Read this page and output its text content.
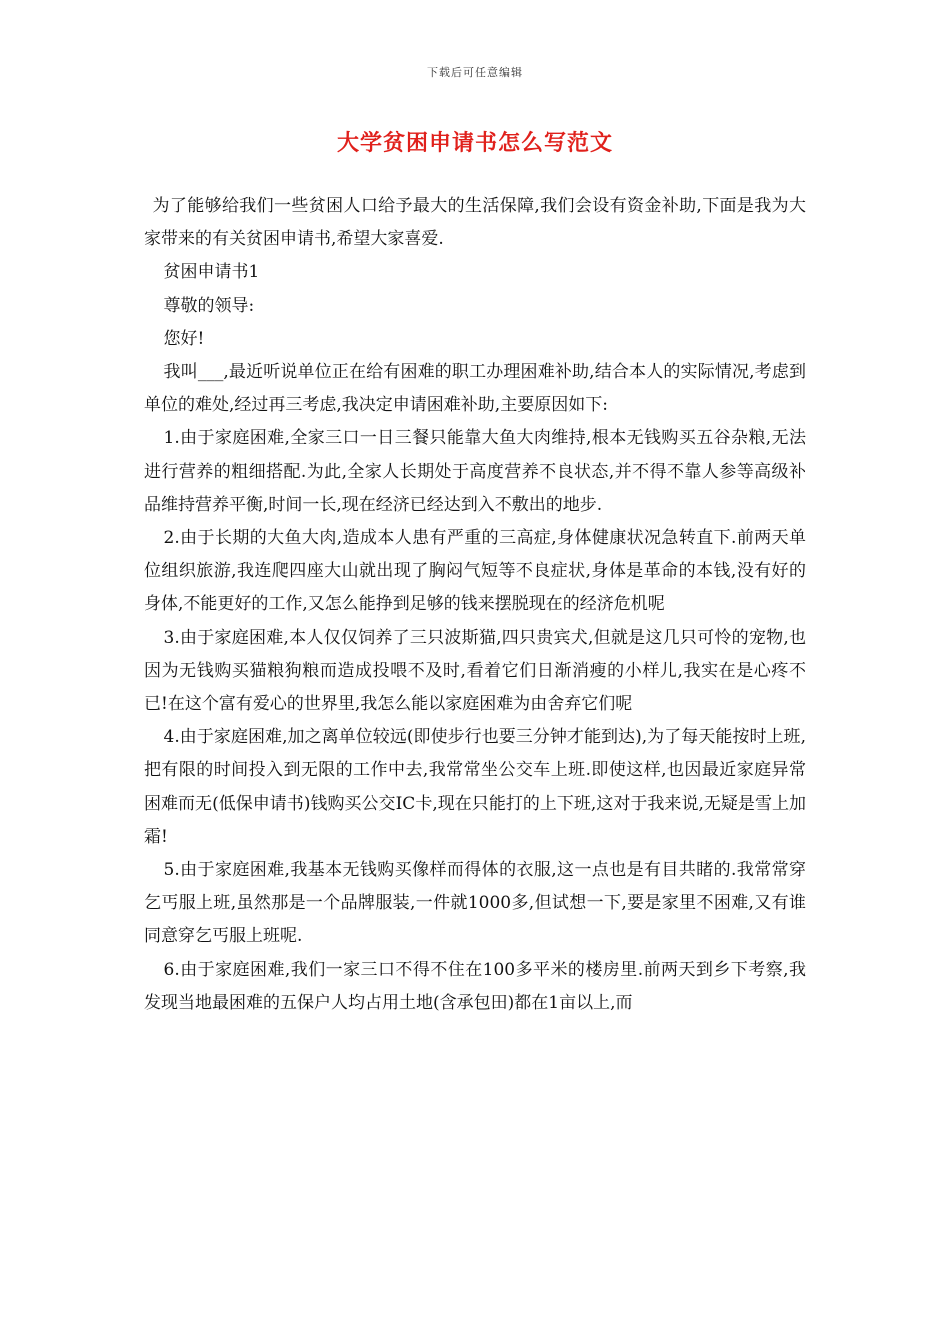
下载后可任意编辑
大学贫困申请书怎么写范文

为了能够给我们一些贫困人口给予最大的生活保障,我们会设有资金补助,下面是我为大家带来的有关贫困申请书,希望大家喜爱.

贫困申请书1

尊敬的领导:

您好!

我叫___,最近听说单位正在给有困难的职工办理困难补助,结合本人的实际情况,考虑到单位的难处,经过再三考虑,我决定申请困难补助,主要原因如下:

1.由于家庭困难,全家三口一日三餐只能靠大鱼大肉维持,根本无钱购买五谷杂粮,无法进行营养的粗细搭配.为此,全家人长期处于高度营养不良状态,并不得不靠人参等高级补品维持营养平衡,时间一长,现在经济已经达到入不敷出的地步.

2.由于长期的大鱼大肉,造成本人患有严重的三高症,身体健康状况急转直下.前两天单位组织旅游,我连爬四座大山就出现了胸闷气短等不良症状,身体是革命的本钱,没有好的身体,不能更好的工作,又怎么能挣到足够的钱来摆脱现在的经济危机呢

3.由于家庭困难,本人仅仅饲养了三只波斯猫,四只贵宾犬,但就是这几只可怜的宠物,也因为无钱购买猫粮狗粮而造成投喂不及时,看着它们日渐消瘦的小样儿,我实在是心疼不已!在这个富有爱心的世界里,我怎么能以家庭困难为由舍弃它们呢

4.由于家庭困难,加之离单位较远(即使步行也要三分钟才能到达),为了每天能按时上班,把有限的时间投入到无限的工作中去,我常常坐公交车上班.即使这样,也因最近家庭异常困难而无(低保申请书)钱购买公交IC卡,现在只能打的上下班,这对于我来说,无疑是雪上加霜!

5.由于家庭困难,我基本无钱购买像样而得体的衣服,这一点也是有目共睹的.我常常穿乞丐服上班,虽然那是一个品牌服装,一件就1000多,但试想一下,要是家里不困难,又有谁同意穿乞丐服上班呢.

6.由于家庭困难,我们一家三口不得不住在100多平米的楼房里.前两天到乡下考察,我发现当地最困难的五保户人均占用土地(含承包田)都在1亩以上,而
